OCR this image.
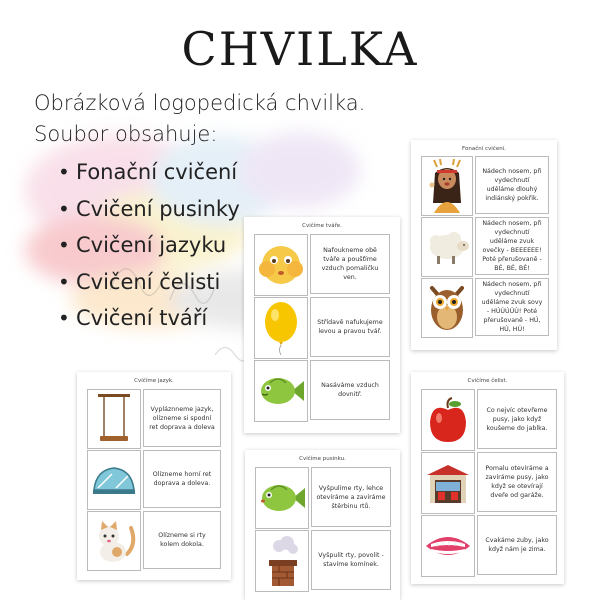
CHVILKA
Obrázková logopedická chvilka.
Soubor obsahuje:
• Fonační cvičení
• Cvičení pusinky
• Cvičení jazyku
• Cvičení čelisti
• Cvičení tváří
Fonační cvičení.
Nádech nosem, při vydechnutí uděláme dlouhý indiánský pokřik.
Nádech nosem, při vydechnutí uděláme zvuk ovečky - BEEEEEE! Poté přerušovaně - BÉ, BÉ, BÉ!
Nádech nosem, při vydechnutí uděláme zvuk sovy - HÚÚÚÚÚ! Poté přerušovaně - HÚ, HÚ, HÚ!
Cvičíme tváře.
Nafoukneme obě tváře a poušťíme vzduch pomaličku ven.
Střídavě nafukujeme levou a pravou tvář.
Nasáváme vzduch dovnitř.
Cvičíme jazyk.
Vypláznneme jazyk, olízneme si spodní ret doprava a doleva
Olízneme horní ret doprava a doleva.
Olízneme si rty kolem dokola.
Cvičíme pusinku.
Vyšpulíme rty, lehce otevíráme a zavíráme štěrbinu rtů.
Vyšpulit rty, povolit - stavíme komínek.
Cvičíme čelist.
Co nejvíc otevřeme pusy, jako když koušeme do jablka.
Pomalu otevíráme a zavíráme pusy, jako když se otevírají dveře od garáže.
Cvakáme zuby, jako když nám je zima.
